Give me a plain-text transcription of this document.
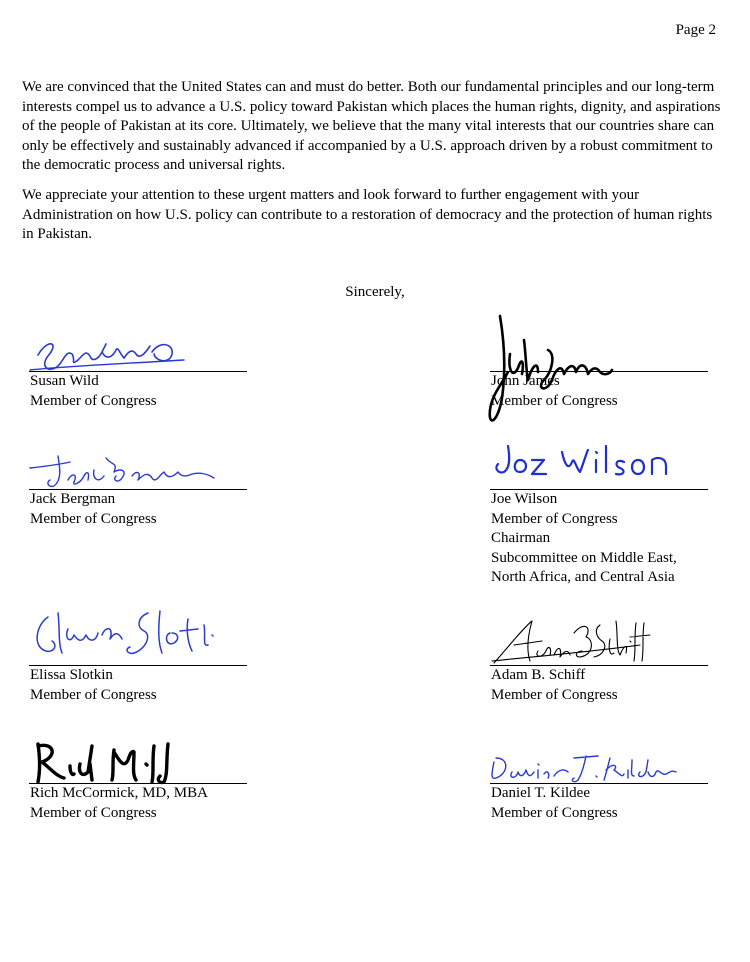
Page 2

We are convinced that the United States can and must do better. Both our fundamental principles and our long-term interests compel us to advance a U.S. policy toward Pakistan which places the human rights, dignity, and aspirations of the people of Pakistan at its core. Ultimately, we believe that the many vital interests that our countries share can only be effectively and sustainably advanced if accompanied by a U.S. approach driven by a robust commitment to the democratic process and universal rights.

We appreciate your attention to these urgent matters and look forward to further engagement with your Administration on how U.S. policy can contribute to a restoration of democracy and the protection of human rights in Pakistan.

Sincerely,
Susan Wild
Member of Congress
John James
Member of Congress
Jack Bergman
Member of Congress
Joe Wilson
Member of Congress
Chairman
Subcommittee on Middle East,
North Africa, and Central Asia
Elissa Slotkin
Member of Congress
Adam B. Schiff
Member of Congress
Rich McCormick, MD, MBA
Member of Congress
Daniel T. Kildee
Member of Congress
